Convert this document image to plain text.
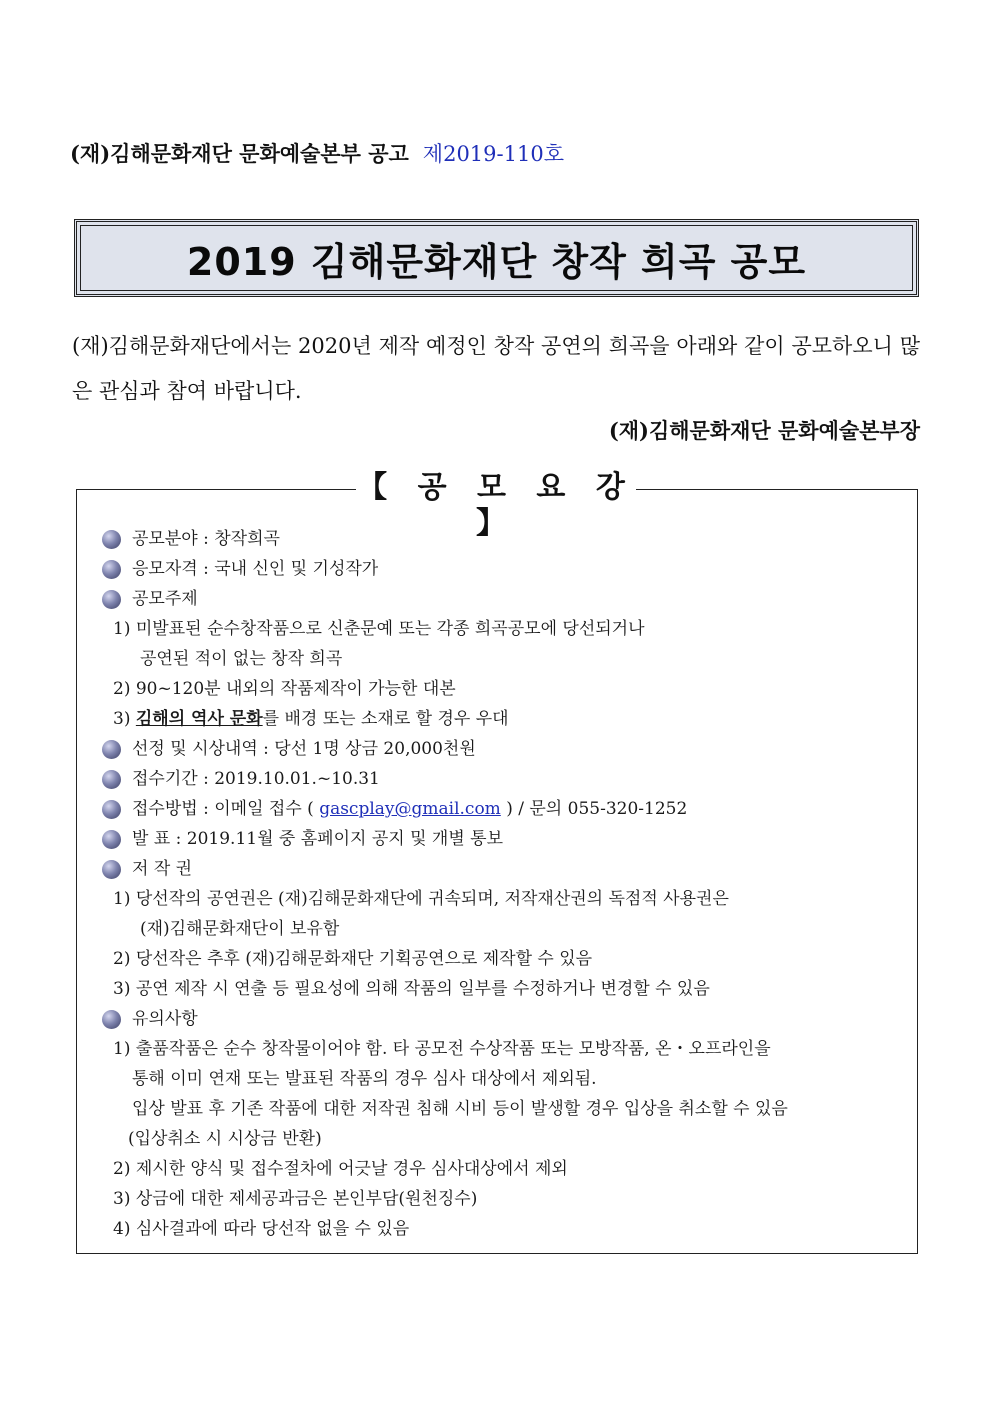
(재)김해문화재단 문화예술본부 공고 제2019-110호
2019 김해문화재단 창작 희곡 공모
(재)김해문화재단에서는 2020년 제작 예정인 창작 공연의 희곡을 아래와 같이 공모하오니 많은 관심과 참여 바랍니다.
(재)김해문화재단 문화예술본부장
【 공 모 요 강 】
공모분야 : 창작희곡
응모자격 : 국내 신인 및 기성작가
공모주제
1) 미발표된 순수창작품으로 신춘문예 또는 각종 희곡공모에 당선되거나
공연된 적이 없는 창작 희곡
2) 90~120분 내외의 작품제작이 가능한 대본
3) 김해의 역사 문화를 배경 또는 소재로 할 경우 우대
선정 및 시상내역 : 당선 1명 상금 20,000천원
접수기간 : 2019.10.01.~10.31
접수방법 : 이메일 접수 ( gascplay@gmail.com ) / 문의 055-320-1252
발 표 : 2019.11월 중 홈페이지 공지 및 개별 통보
저 작 권
1) 당선작의 공연권은 (재)김해문화재단에 귀속되며, 저작재산권의 독점적 사용권은
(재)김해문화재단이 보유함
2) 당선작은 추후 (재)김해문화재단 기획공연으로 제작할 수 있음
3) 공연 제작 시 연출 등 필요성에 의해 작품의 일부를 수정하거나 변경할 수 있음
유의사항
1) 출품작품은 순수 창작물이어야 함. 타 공모전 수상작품 또는 모방작품, 온・오프라인을
통해 이미 연재 또는 발표된 작품의 경우 심사 대상에서 제외됨.
입상 발표 후 기존 작품에 대한 저작권 침해 시비 등이 발생할 경우 입상을 취소할 수 있음
(입상취소 시 시상금 반환)
2) 제시한 양식 및 접수절차에 어긋날 경우 심사대상에서 제외
3) 상금에 대한 제세공과금은 본인부담(원천징수)
4) 심사결과에 따라 당선작 없을 수 있음
